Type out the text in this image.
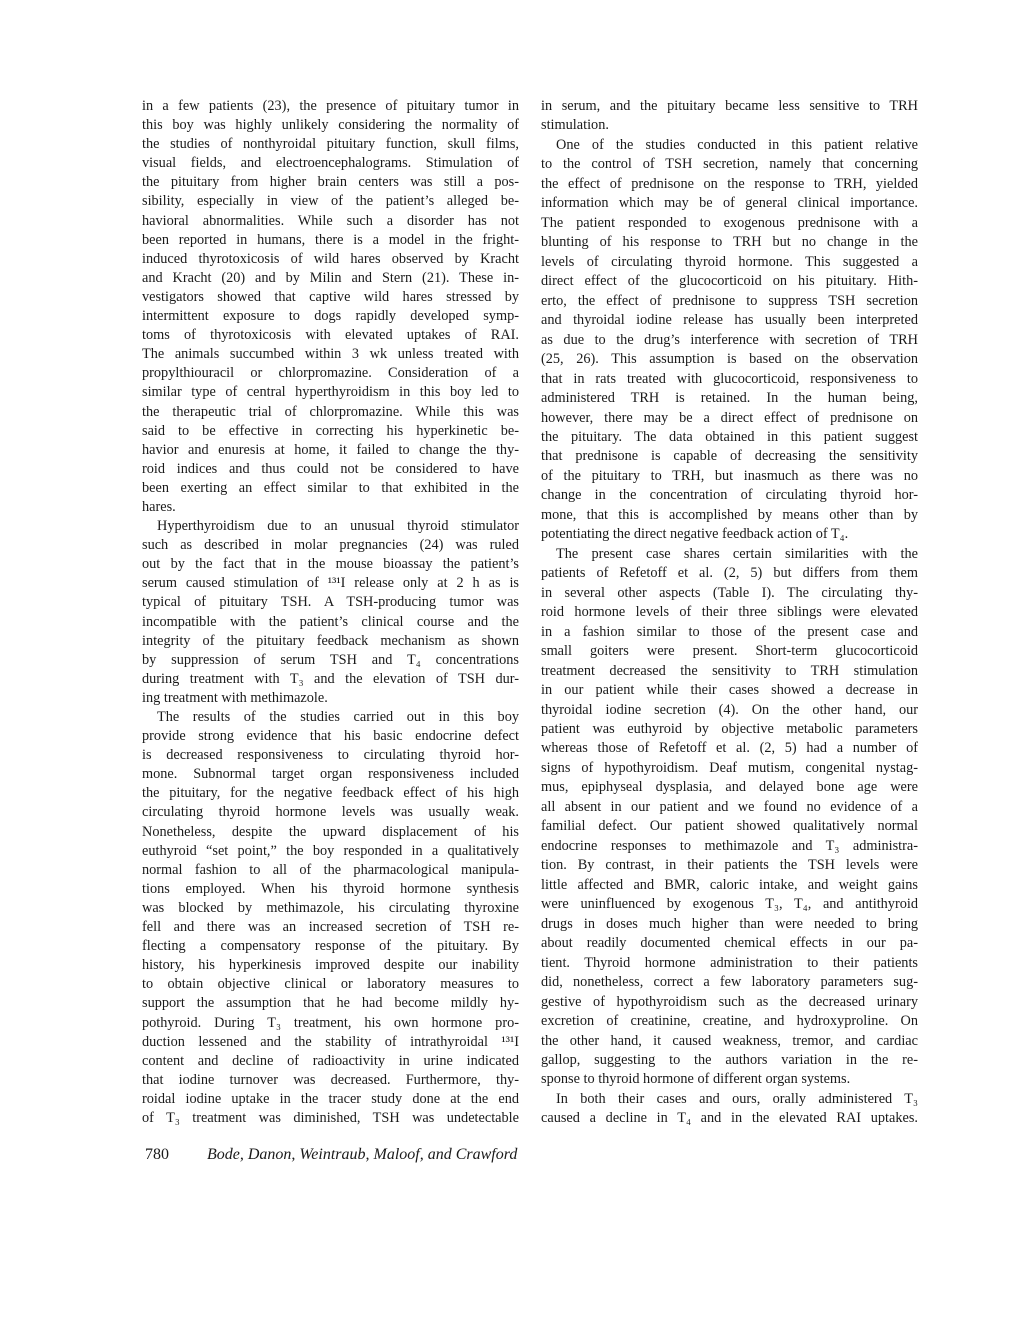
in a few patients (23), the presence of pituitary tumor in
this boy was highly unlikely considering the normality of
the studies of nonthyroidal pituitary function, skull films,
visual fields, and electroencephalograms. Stimulation of
the pituitary from higher brain centers was still a pos-
sibility, especially in view of the patient’s alleged be-
havioral abnormalities. While such a disorder has not
been reported in humans, there is a model in the fright-
induced thyrotoxicosis of wild hares observed by Kracht
and Kracht (20) and by Milin and Stern (21). These in-
vestigators showed that captive wild hares stressed by
intermittent exposure to dogs rapidly developed symp-
toms of thyrotoxicosis with elevated uptakes of RAI.
The animals succumbed within 3 wk unless treated with
propylthiouracil or chlorpromazine. Consideration of a
similar type of central hyperthyroidism in this boy led to
the therapeutic trial of chlorpromazine. While this was
said to be effective in correcting his hyperkinetic be-
havior and enuresis at home, it failed to change the thy-
roid indices and thus could not be considered to have
been exerting an effect similar to that exhibited in the
hares.
Hyperthyroidism due to an unusual thyroid stimulator
such as described in molar pregnancies (24) was ruled
out by the fact that in the mouse bioassay the patient’s
serum caused stimulation of ¹³¹I release only at 2 h as is
typical of pituitary TSH. A TSH-producing tumor was
incompatible with the patient’s clinical course and the
integrity of the pituitary feedback mechanism as shown
by suppression of serum TSH and T₄ concentrations
during treatment with T₃ and the elevation of TSH dur-
ing treatment with methimazole.
The results of the studies carried out in this boy
provide strong evidence that his basic endocrine defect
is decreased responsiveness to circulating thyroid hor-
mone. Subnormal target organ responsiveness included
the pituitary, for the negative feedback effect of his high
circulating thyroid hormone levels was usually weak.
Nonetheless, despite the upward displacement of his
euthyroid “set point,” the boy responded in a qualitatively
normal fashion to all of the pharmacological manipula-
tions employed. When his thyroid hormone synthesis
was blocked by methimazole, his circulating thyroxine
fell and there was an increased secretion of TSH re-
flecting a compensatory response of the pituitary. By
history, his hyperkinesis improved despite our inability
to obtain objective clinical or laboratory measures to
support the assumption that he had become mildly hy-
pothyroid. During T₃ treatment, his own hormone pro-
duction lessened and the stability of intrathyroidal ¹³¹I
content and decline of radioactivity in urine indicated
that iodine turnover was decreased. Furthermore, thy-
roidal iodine uptake in the tracer study done at the end
of T₃ treatment was diminished, TSH was undetectable
in serum, and the pituitary became less sensitive to TRH
stimulation.
One of the studies conducted in this patient relative
to the control of TSH secretion, namely that concerning
the effect of prednisone on the response to TRH, yielded
information which may be of general clinical importance.
The patient responded to exogenous prednisone with a
blunting of his response to TRH but no change in the
levels of circulating thyroid hormone. This suggested a
direct effect of the glucocorticoid on his pituitary. Hith-
erto, the effect of prednisone to suppress TSH secretion
and thyroidal iodine release has usually been interpreted
as due to the drug’s interference with secretion of TRH
(25, 26). This assumption is based on the observation
that in rats treated with glucocorticoid, responsiveness to
administered TRH is retained. In the human being,
however, there may be a direct effect of prednisone on
the pituitary. The data obtained in this patient suggest
that prednisone is capable of decreasing the sensitivity
of the pituitary to TRH, but inasmuch as there was no
change in the concentration of circulating thyroid hor-
mone, that this is accomplished by means other than by
potentiating the direct negative feedback action of T₄.
The present case shares certain similarities with the
patients of Refetoff et al. (2, 5) but differs from them
in several other aspects (Table I). The circulating thy-
roid hormone levels of their three siblings were elevated
in a fashion similar to those of the present case and
small goiters were present. Short-term glucocorticoid
treatment decreased the sensitivity to TRH stimulation
in our patient while their cases showed a decrease in
thyroidal iodine secretion (4). On the other hand, our
patient was euthyroid by objective metabolic parameters
whereas those of Refetoff et al. (2, 5) had a number of
signs of hypothyroidism. Deaf mutism, congenital nystag-
mus, epiphyseal dysplasia, and delayed bone age were
all absent in our patient and we found no evidence of a
familial defect. Our patient showed qualitatively normal
endocrine responses to methimazole and T₃ administra-
tion. By contrast, in their patients the TSH levels were
little affected and BMR, caloric intake, and weight gains
were uninfluenced by exogenous T₃, T₄, and antithyroid
drugs in doses much higher than were needed to bring
about readily documented chemical effects in our pa-
tient. Thyroid hormone administration to their patients
did, nonetheless, correct a few laboratory parameters sug-
gestive of hypothyroidism such as the decreased urinary
excretion of creatinine, creatine, and hydroxyproline. On
the other hand, it caused weakness, tremor, and cardiac
gallop, suggesting to the authors variation in the re-
sponse to thyroid hormone of different organ systems.
In both their cases and ours, orally administered T₃
caused a decline in T₄ and in the elevated RAI uptakes.
780 Bode, Danon, Weintraub, Maloof, and Crawford
